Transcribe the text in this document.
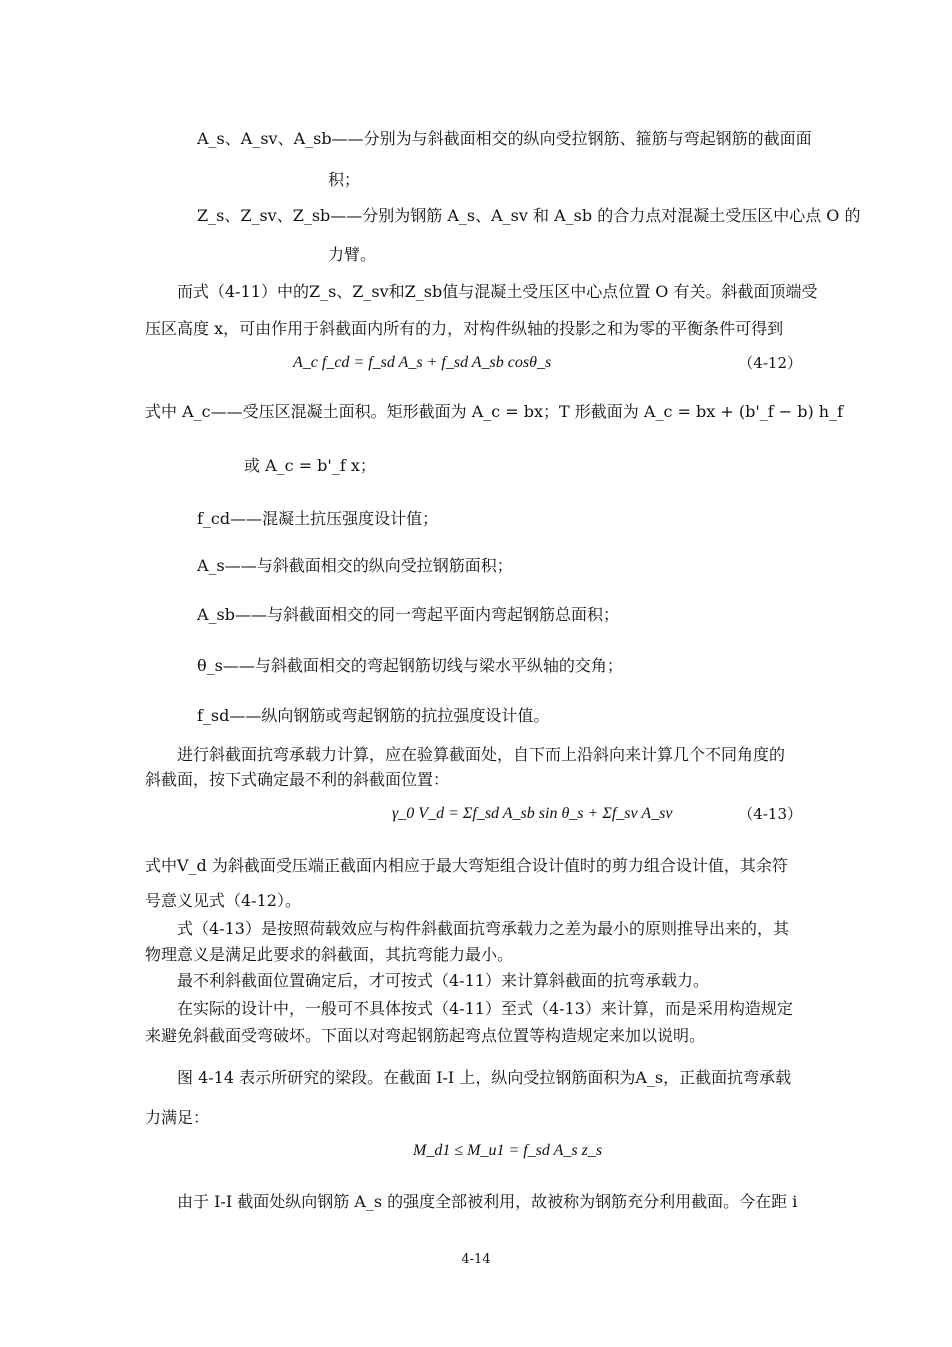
A_s、A_sv、A_sb——分别为与斜截面相交的纵向受拉钢筋、箍筋与弯起钢筋的截面面
积；
Z_s、Z_sv、Z_sb——分别为钢筋 A_s、A_sv 和 A_sb 的合力点对混凝土受压区中心点 O 的
力臂。
而式（4-11）中的Z_s、Z_sv和Z_sb值与混凝土受压区中心点位置 O 有关。斜截面顶端受
压区高度 x，可由作用于斜截面内所有的力，对构件纵轴的投影之和为零的平衡条件可得到
A_c f_cd = f_sd A_s + f_sd A_sb cosθ_s	（4-12）
式中 A_c——受压区混凝土面积。矩形截面为 A_c = bx；T 形截面为 A_c = bx + (b'_f − b) h_f
或 A_c = b'_f x；
f_cd——混凝土抗压强度设计值；
A_s——与斜截面相交的纵向受拉钢筋面积；
A_sb——与斜截面相交的同一弯起平面内弯起钢筋总面积；
θ_s——与斜截面相交的弯起钢筋切线与梁水平纵轴的交角；
f_sd——纵向钢筋或弯起钢筋的抗拉强度设计值。
进行斜截面抗弯承载力计算，应在验算截面处，自下而上沿斜向来计算几个不同角度的
斜截面，按下式确定最不利的斜截面位置：
γ_0 V_d = Σf_sd A_sb sin θ_s + Σf_sv A_sv	（4-13）
式中V_d 为斜截面受压端正截面内相应于最大弯矩组合设计值时的剪力组合设计值，其余符
号意义见式（4-12）。
式（4-13）是按照荷载效应与构件斜截面抗弯承载力之差为最小的原则推导出来的，其
物理意义是满足此要求的斜截面，其抗弯能力最小。
最不利斜截面位置确定后，才可按式（4-11）来计算斜截面的抗弯承载力。
在实际的设计中，一般可不具体按式（4-11）至式（4-13）来计算，而是采用构造规定
来避免斜截面受弯破坏。下面以对弯起钢筋起弯点位置等构造规定来加以说明。
图 4-14 表示所研究的梁段。在截面 I-I 上，纵向受拉钢筋面积为A_s，正截面抗弯承载
力满足：
M_d1 ≤ M_u1 = f_sd A_s z_s
由于 I-I 截面处纵向钢筋 A_s 的强度全部被利用，故被称为钢筋充分利用截面。今在距 i
4-14
